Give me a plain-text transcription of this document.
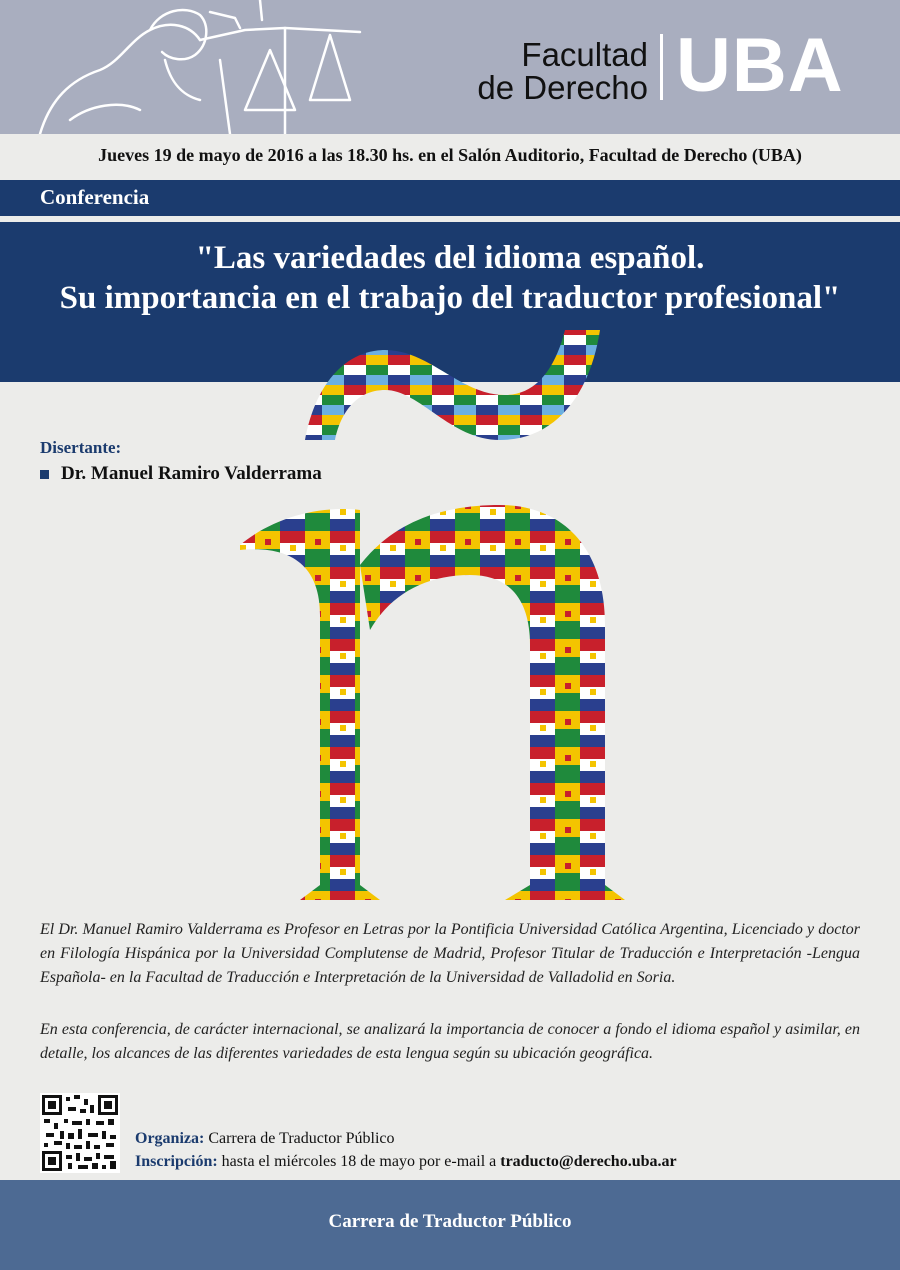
Facultad
de Derecho UBA
Jueves 19 de mayo de 2016 a las 18.30 hs. en el Salón Auditorio, Facultad de Derecho (UBA)
Conferencia
"Las variedades del idioma español.
Su importancia en el trabajo del traductor profesional"
Disertante:
Dr. Manuel Ramiro Valderrama
El Dr. Manuel Ramiro Valderrama es Profesor en Letras por la Pontificia Universidad Católica Argentina, Licenciado y doctor en Filología Hispánica por la Universidad Complutense de Madrid, Profesor Titular de Traducción e Interpretación -Lengua Española- en la Facultad de Traducción e Interpretación de la Universidad de Valladolid en Soria.
En esta conferencia, de carácter internacional, se analizará la importancia de conocer a fondo el idioma español y asimilar, en detalle, los alcances de las diferentes variedades de esta lengua según su ubicación geográfica.
Organiza: Carrera de Traductor Público
Inscripción: hasta el miércoles 18 de mayo por e-mail a traducto@derecho.uba.ar
Carrera de Traductor Público
